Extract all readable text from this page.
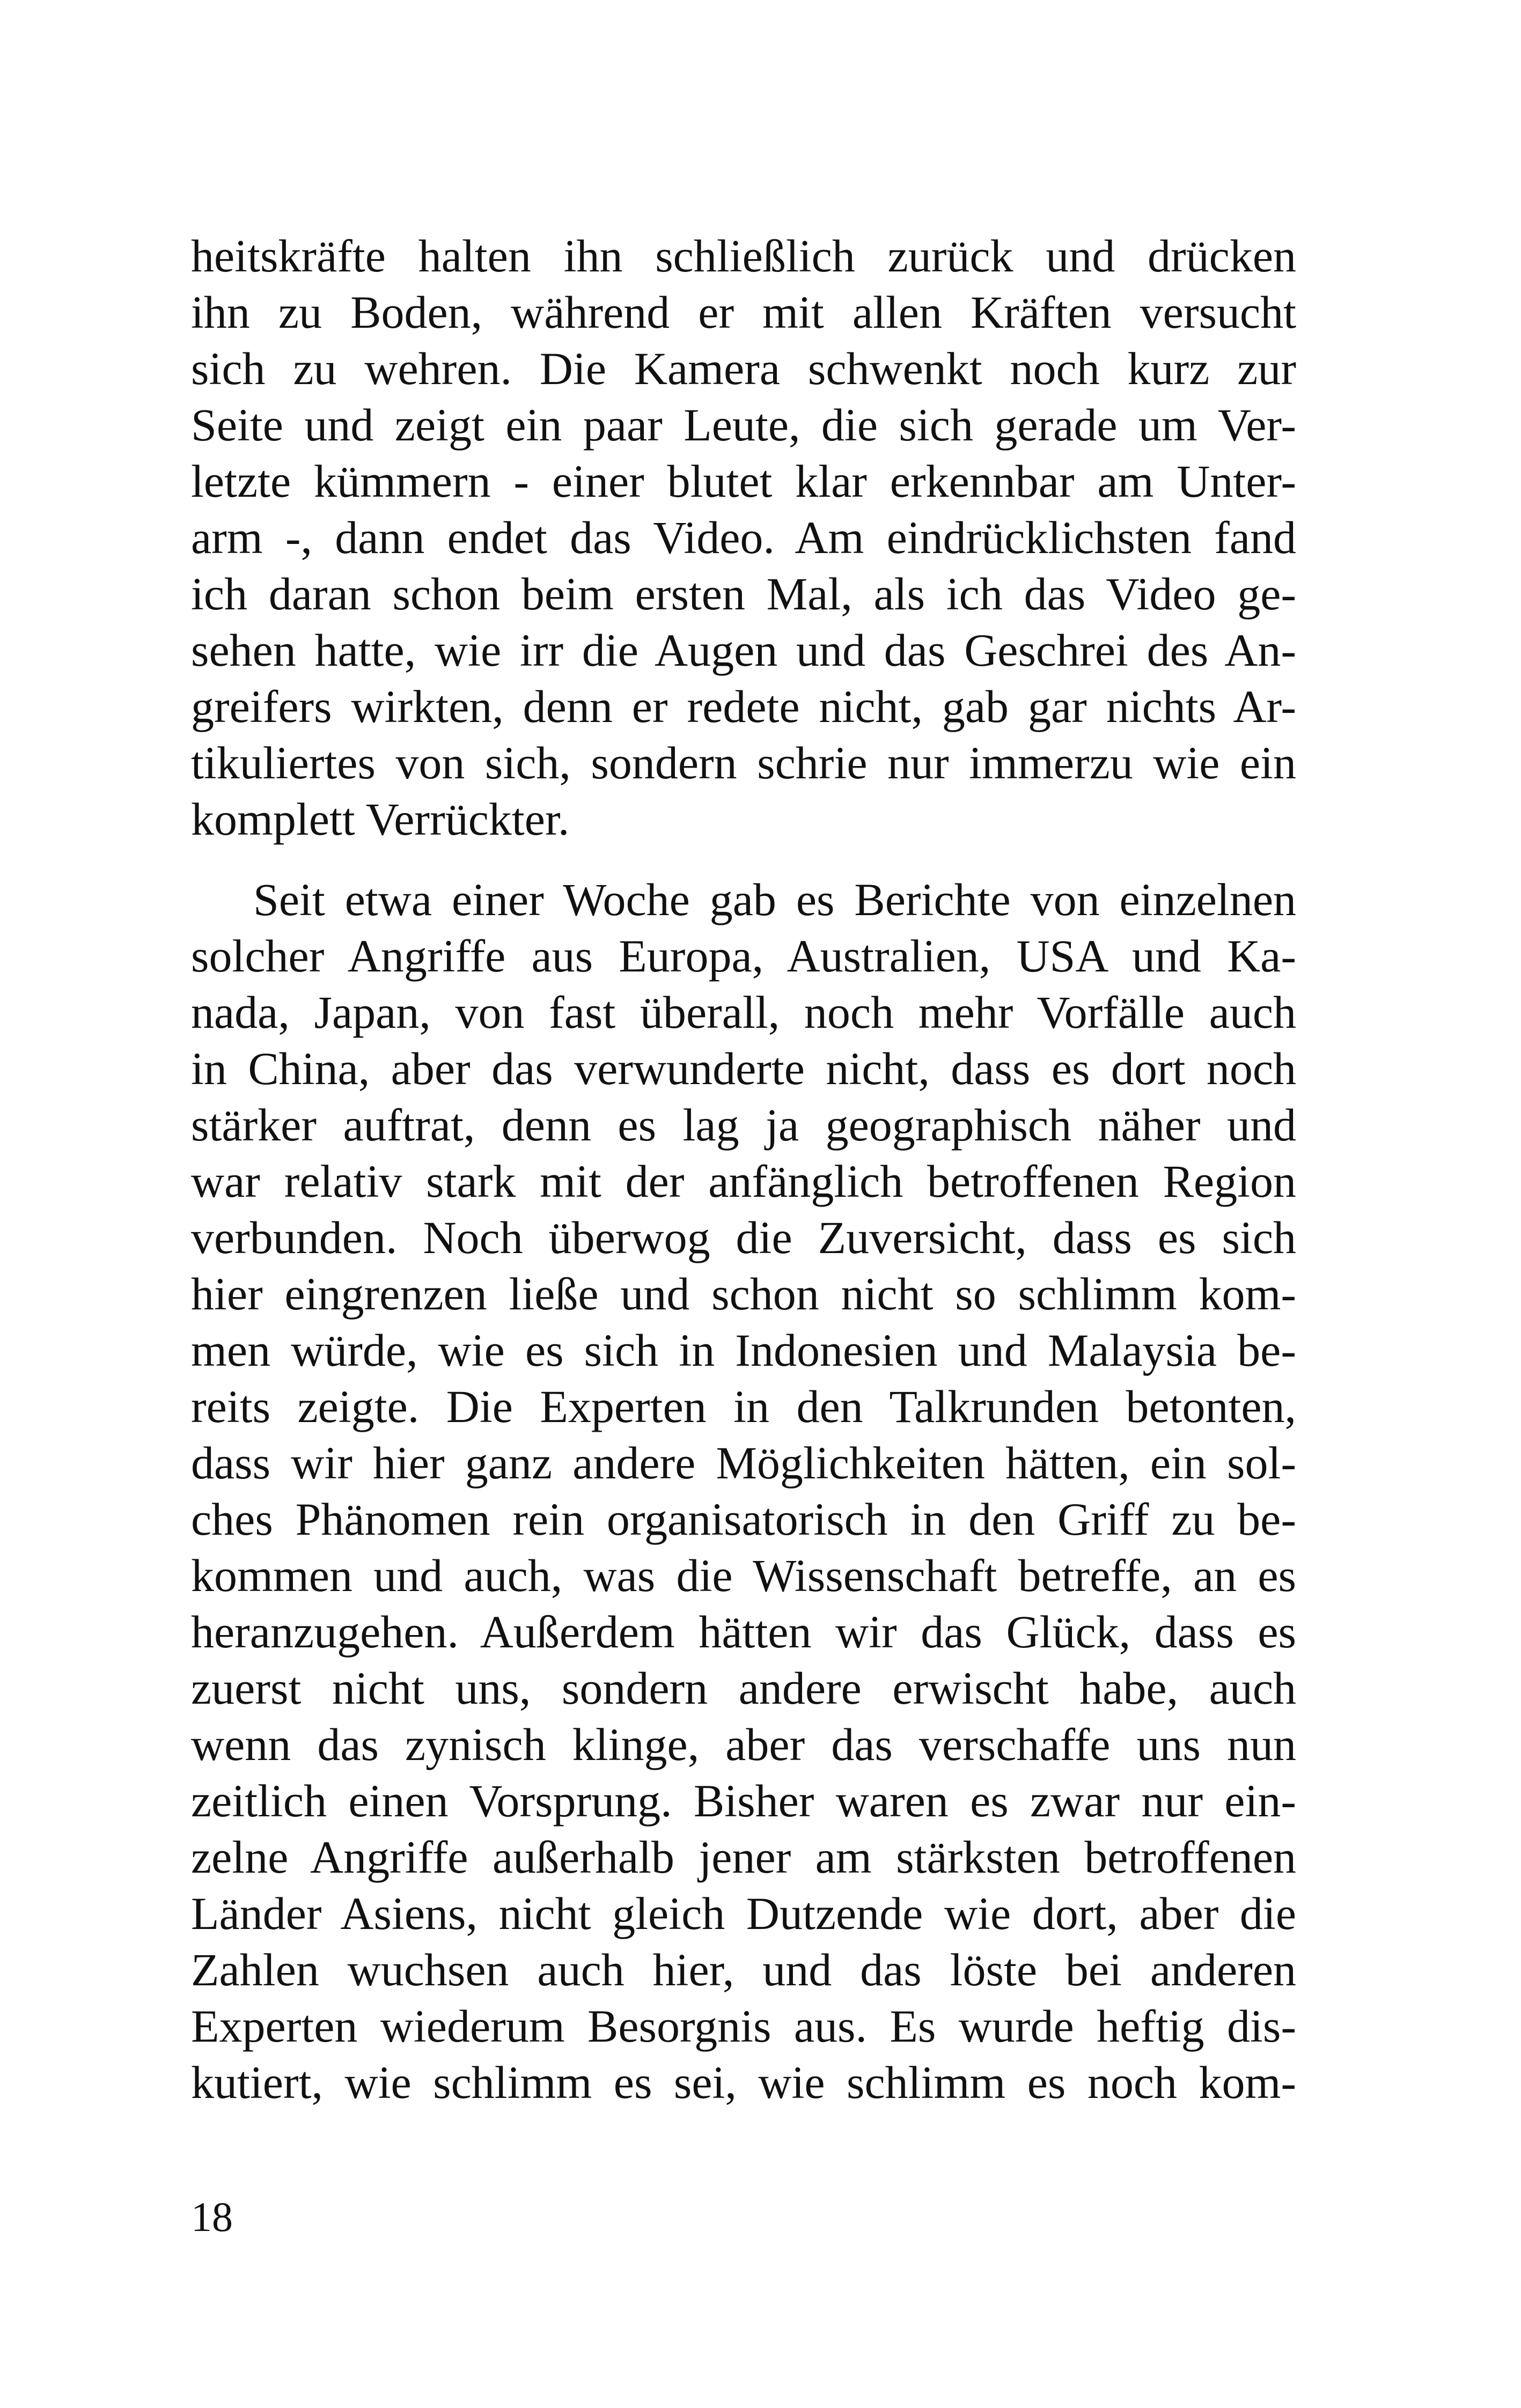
heitskräfte halten ihn schließlich zurück und drücken
ihn zu Boden, während er mit allen Kräften versucht
sich zu wehren. Die Kamera schwenkt noch kurz zur
Seite und zeigt ein paar Leute, die sich gerade um Ver-
letzte kümmern - einer blutet klar erkennbar am Unter-
arm -, dann endet das Video. Am eindrücklichsten fand
ich daran schon beim ersten Mal, als ich das Video ge-
sehen hatte, wie irr die Augen und das Geschrei des An-
greifers wirkten, denn er redete nicht, gab gar nichts Ar-
tikuliertes von sich, sondern schrie nur immerzu wie ein
komplett Verrückter.
Seit etwa einer Woche gab es Berichte von einzelnen
solcher Angriffe aus Europa, Australien, USA und Ka-
nada, Japan, von fast überall, noch mehr Vorfälle auch
in China, aber das verwunderte nicht, dass es dort noch
stärker auftrat, denn es lag ja geographisch näher und
war relativ stark mit der anfänglich betroffenen Region
verbunden. Noch überwog die Zuversicht, dass es sich
hier eingrenzen ließe und schon nicht so schlimm kom-
men würde, wie es sich in Indonesien und Malaysia be-
reits zeigte. Die Experten in den Talkrunden betonten,
dass wir hier ganz andere Möglichkeiten hätten, ein sol-
ches Phänomen rein organisatorisch in den Griff zu be-
kommen und auch, was die Wissenschaft betreffe, an es
heranzugehen. Außerdem hätten wir das Glück, dass es
zuerst nicht uns, sondern andere erwischt habe, auch
wenn das zynisch klinge, aber das verschaffe uns nun
zeitlich einen Vorsprung. Bisher waren es zwar nur ein-
zelne Angriffe außerhalb jener am stärksten betroffenen
Länder Asiens, nicht gleich Dutzende wie dort, aber die
Zahlen wuchsen auch hier, und das löste bei anderen
Experten wiederum Besorgnis aus. Es wurde heftig dis-
kutiert, wie schlimm es sei, wie schlimm es noch kom-
18
